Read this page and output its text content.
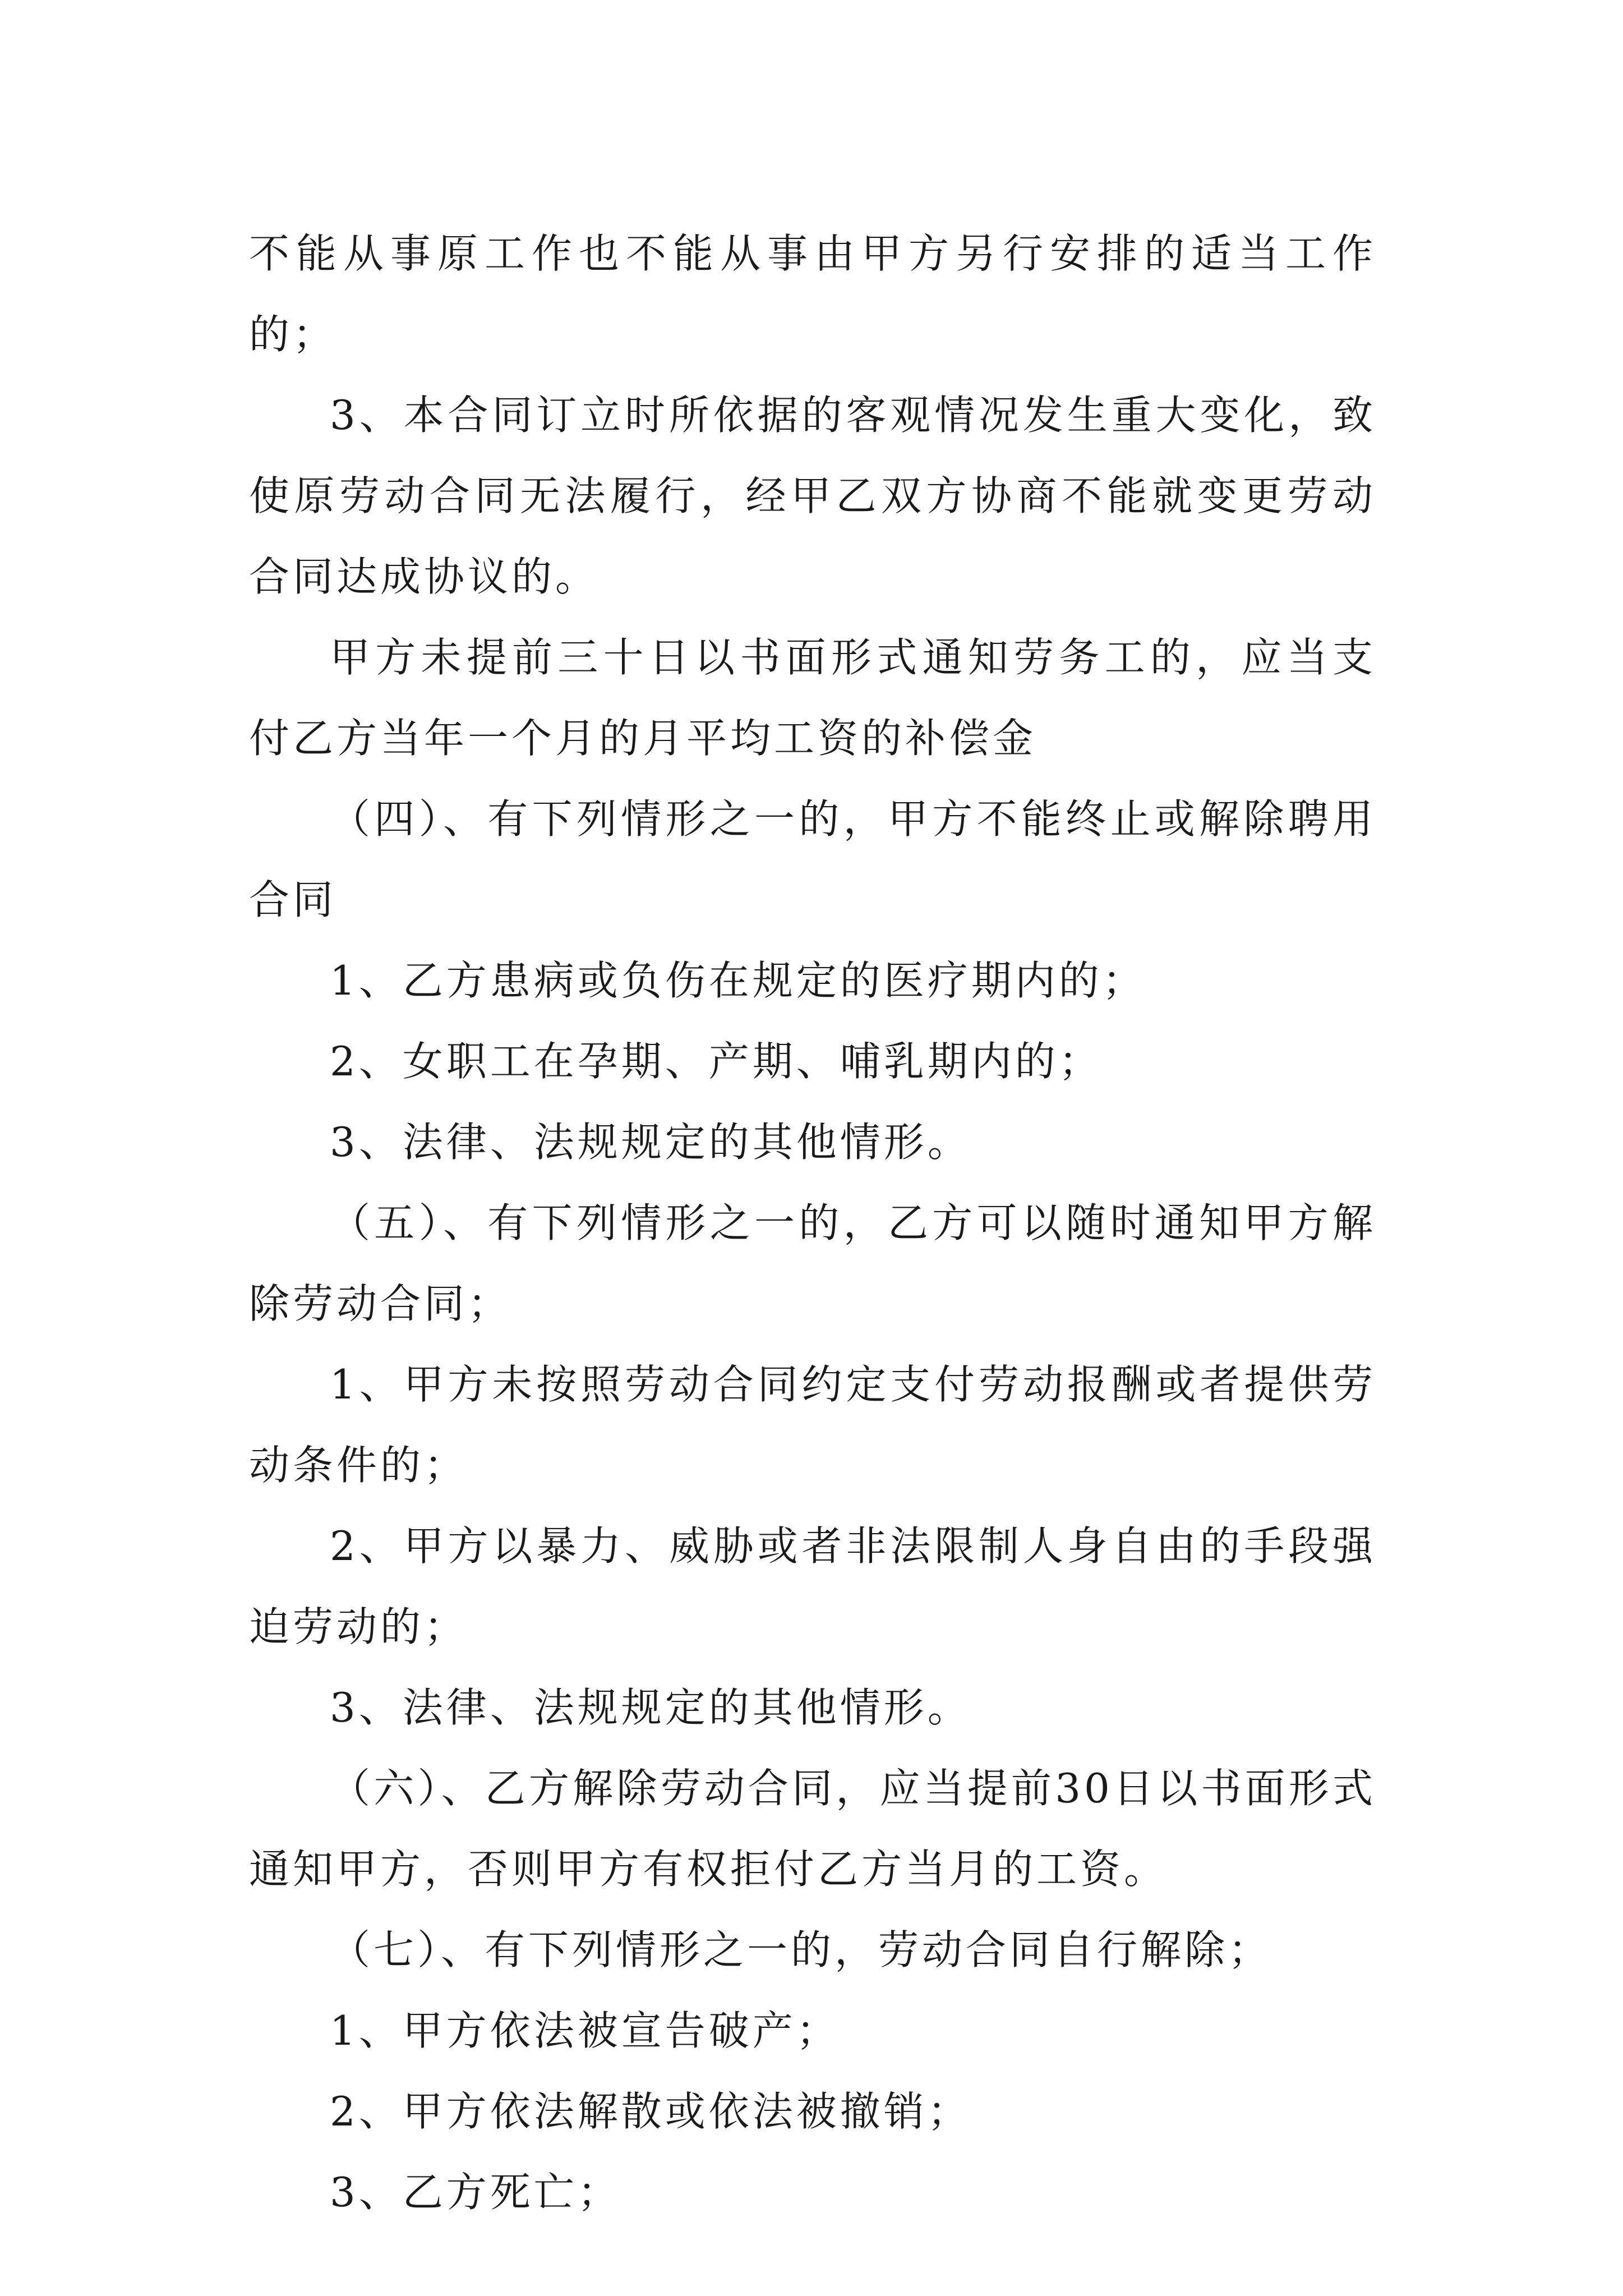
不能从事原工作也不能从事由甲方另行安排的适当工作的；

3、本合同订立时所依据的客观情况发生重大变化，致使原劳动合同无法履行，经甲乙双方协商不能就变更劳动合同达成协议的。

甲方未提前三十日以书面形式通知劳务工的，应当支付乙方当年一个月的月平均工资的补偿金

（四）、有下列情形之一的，甲方不能终止或解除聘用合同

1、乙方患病或负伤在规定的医疗期内的；

2、女职工在孕期、产期、哺乳期内的；

3、法律、法规规定的其他情形。

（五）、有下列情形之一的，乙方可以随时通知甲方解除劳动合同；

1、甲方未按照劳动合同约定支付劳动报酬或者提供劳动条件的；

2、甲方以暴力、威胁或者非法限制人身自由的手段强迫劳动的；

3、法律、法规规定的其他情形。

（六）、乙方解除劳动合同，应当提前30日以书面形式通知甲方，否则甲方有权拒付乙方当月的工资。

（七）、有下列情形之一的，劳动合同自行解除；

1、甲方依法被宣告破产；

2、甲方依法解散或依法被撤销；

3、乙方死亡；
